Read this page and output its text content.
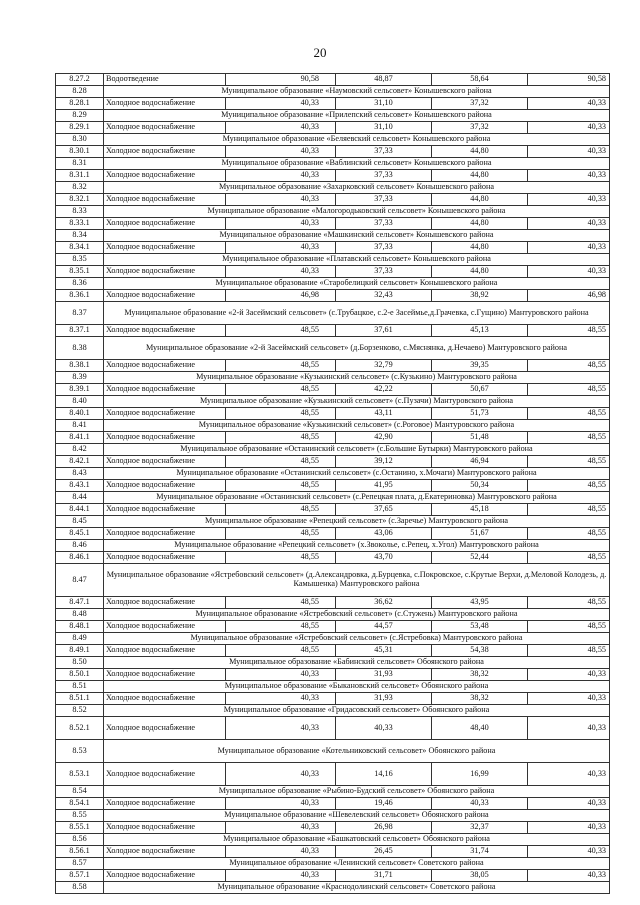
20
8.27.2	Водоотведение	90,58	48,87	58,64	90,58
8.28	Муниципальное образование «Наумовский сельсовет» Конышевского района				
8.28.1	Холодное водоснабжение	40,33	31,10	37,32	40,33
8.29	Муниципальное образование «Прилепский сельсовет» Конышевского района				
8.29.1	Холодное водоснабжение	40,33	31,10	37,32	40,33
8.30	Муниципальное образование «Беляевский сельсовет» Конышевского района				
8.30.1	Холодное водоснабжение	40,33	37,33	44,80	40,33
8.31	Муниципальное образование «Ваблинский сельсовет» Конышевского района				
8.31.1	Холодное водоснабжение	40,33	37,33	44,80	40,33
8.32	Муниципальное образование «Захарковский сельсовет» Конышевского района				
8.32.1	Холодное водоснабжение	40,33	37,33	44,80	40,33
8.33	Муниципальное образование «Малогородьковский сельсовет» Конышевского района				
8.33.1	Холодное водоснабжение	40,33	37,33	44,80	40,33
8.34	Муниципальное образование «Машкинский сельсовет» Конышевского района				
8.34.1	Холодное водоснабжение	40,33	37,33	44,80	40,33
8.35	Муниципальное образование «Платавский сельсовет» Конышевского района				
8.35.1	Холодное водоснабжение	40,33	37,33	44,80	40,33
8.36	Муниципальное образование «Старобелицкий сельсовет» Конышевского района				
8.36.1	Холодное водоснабжение	46,98	32,43	38,92	46,98
8.37	Муниципальное образование «2-й Засеймский сельсовет» (с.Трубацкое, с.2-е Засеймье,д.Грачевка, с.Гущино) Мантуровского района				
8.37.1	Холодное водоснабжение	48,55	37,61	45,13	48,55
8.38	Муниципальное образование «2-й Засеймский сельсовет» (д.Борзенково, с.Мяснянка, д.Нечаево) Мантуровского района				
8.38.1	Холодное водоснабжение	48,55	32,79	39,35	48,55
8.39	Муниципальное образование «Кузькинский сельсовет» (с.Кузькино) Мантуровского района				
8.39.1	Холодное водоснабжение	48,55	42,22	50,67	48,55
8.40	Муниципальное образование «Кузькинский сельсовет» (с.Пузачи) Мантуровского района				
8.40.1	Холодное водоснабжение	48,55	43,11	51,73	48,55
8.41	Муниципальное образование «Кузькинский сельсовет» (с.Роговое) Мантуровского района				
8.41.1	Холодное водоснабжение	48,55	42,90	51,48	48,55
8.42	Муниципальное образование «Останинский сельсовет» (с.Большие Бутырки) Мантуровского района				
8.42.1	Холодное водоснабжение	48,55	39,12	46,94	48,55
8.43	Муниципальное образование «Останинский сельсовет» (с.Останино, х.Мочаги) Мантуровского района				
8.43.1	Холодное водоснабжение	48,55	41,95	50,34	48,55
8.44	Муниципальное образование «Останинский сельсовет» (с.Репецкая плата, д.Екатериновка) Мантуровского района				
8.44.1	Холодное водоснабжение	48,55	37,65	45,18	48,55
8.45	Муниципальное образование «Репецкий сельсовет» (с.Заречье) Мантуровского района				
8.45.1	Холодное водоснабжение	48,55	43,06	51,67	48,55
8.46	Муниципальное образование «Репецкий сельсовет» (х.Звоколье, с.Репец, х.Угол) Мантуровского района				
8.46.1	Холодное водоснабжение	48,55	43,70	52,44	48,55
8.47	Муниципальное образование «Ястребовский сельсовет» (д.Александровка, д.Бурцевка, с.Покровское, с.Крутые Верхи, д.Меловой Колодезь, д. Камышенка) Мантуровского района				
8.47.1	Холодное водоснабжение	48,55	36,62	43,95	48,55
8.48	Муниципальное образование «Ястребовский сельсовет» (с.Стужень) Мантуровского района				
8.48.1	Холодное водоснабжение	48,55	44,57	53,48	48,55
8.49	Муниципальное образование «Ястребовский сельсовет» (с.Ястребовка) Мантуровского района				
8.49.1	Холодное водоснабжение	48,55	45,31	54,38	48,55
8.50	Муниципальное образование «Бабинский сельсовет» Обоянского района				
8.50.1	Холодное водоснабжение	40,33	31,93	38,32	40,33
8.51	Муниципальное образование «Быкановский сельсовет» Обоянского района				
8.51.1	Холодное водоснабжение	40,33	31,93	38,32	40,33
8.52	Муниципальное образование «Гридасовский сельсовет» Обоянского района				
8.52.1	Холодное водоснабжение	40,33	40,33	48,40	40,33
8.53	Муниципальное образование «Котельниковский сельсовет» Обоянского района				
8.53.1	Холодное водоснабжение	40,33	14,16	16,99	40,33
8.54	Муниципальное образование «Рыбино-Будский сельсовет» Обоянского района				
8.54.1	Холодное водоснабжение	40,33	19,46	40,33	40,33
8.55	Муниципальное образование «Шевелевский сельсовет» Обоянского района				
8.55.1	Холодное водоснабжение	40,33	26,98	32,37	40,33
8.56	Муниципальное образование «Башкатовский сельсовет» Обоянского района				
8.56.1	Холодное водоснабжение	40,33	26,45	31,74	40,33
8.57	Муниципальное образование «Ленинский сельсовет» Советского района				
8.57.1	Холодное водоснабжение	40,33	31,71	38,05	40,33
8.58	Муниципальное образование «Краснодолинский сельсовет» Советского района				
